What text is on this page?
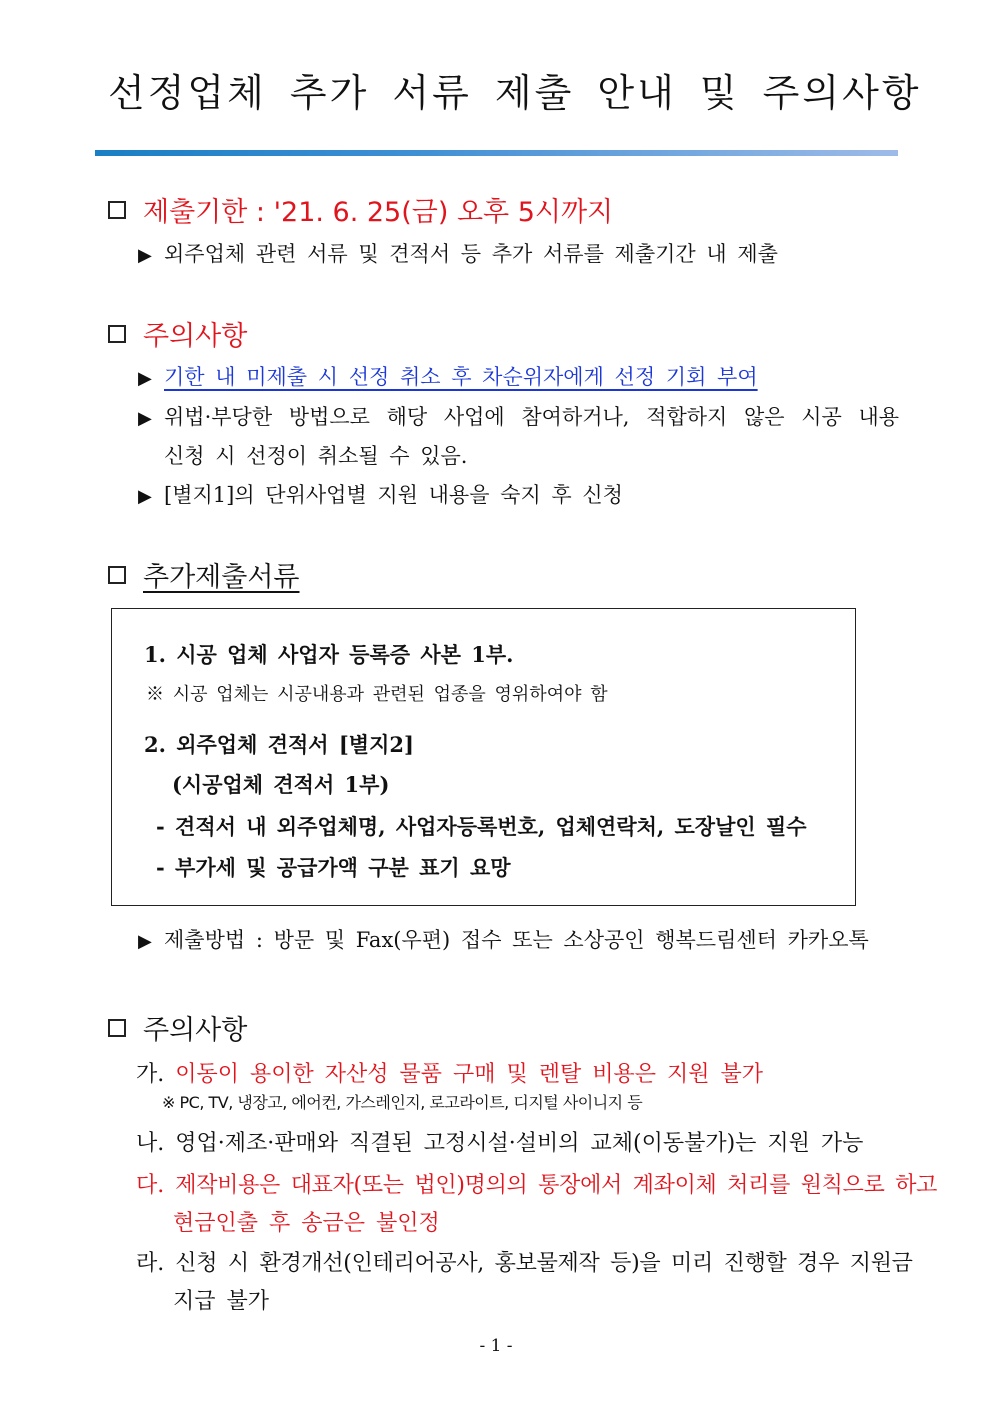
선정업체 추가 서류 제출 안내 및 주의사항
제출기한 : '21. 6. 25(금) 오후 5시까지
▶ 외주업체 관련 서류 및 견적서 등 추가 서류를 제출기간 내 제출
주의사항
▶ 기한 내 미제출 시 선정 취소 후 차순위자에게 선정 기회 부여
▶ 위법·부당한 방법으로 해당 사업에 참여하거나, 적합하지 않은 시공 내용
신청 시 선정이 취소될 수 있음.
▶ [별지1]의 단위사업별 지원 내용을 숙지 후 신청
추가제출서류
1. 시공 업체 사업자 등록증 사본 1부.
※ 시공 업체는 시공내용과 관련된 업종을 영위하여야 함
2. 외주업체 견적서 [별지2]
(시공업체 견적서 1부)
- 견적서 내 외주업체명, 사업자등록번호, 업체연락처, 도장날인 필수
- 부가세 및 공급가액 구분 표기 요망
▶ 제출방법 : 방문 및 Fax(우편) 접수 또는 소상공인 행복드림센터 카카오톡
주의사항
가. 이동이 용이한 자산성 물품 구매 및 렌탈 비용은 지원 불가
※ PC, TV, 냉장고, 에어컨, 가스레인지, 로고라이트, 디지털 사이니지 등
나. 영업·제조·판매와 직결된 고정시설·설비의 교체(이동불가)는 지원 가능
다. 제작비용은 대표자(또는 법인)명의의 통장에서 계좌이체 처리를 원칙으로 하고
현금인출 후 송금은 불인정
라. 신청 시 환경개선(인테리어공사, 홍보물제작 등)을 미리 진행할 경우 지원금
지급 불가
- 1 -
